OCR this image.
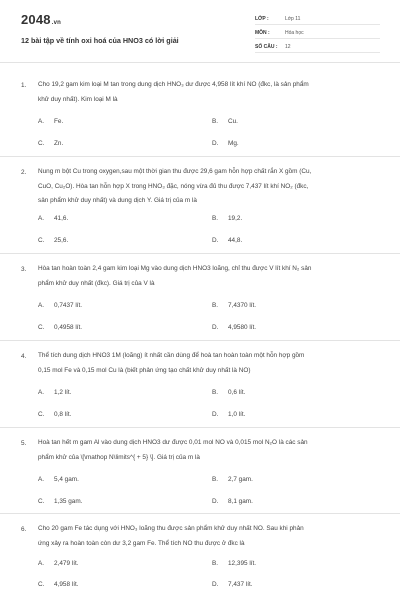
2048.vn
12 bài tập về tính oxi hoá của HNO3 có lời giải
LỚP :	Lớp 11
MÔN :	Hóa học
SỐ CÂU : 12
1. Cho 19,2 gam kim loại M tan trong dung dịch HNO₃ dư được 4,958 lít khí NO (đkc, là sản phẩm
khử duy nhất). Kim loại M là
A. Fe.	B. Cu.
C. Zn.	D. Mg.
2. Nung m bột Cu trong oxygen,sau một thời gian thu được 29,6 gam hỗn hợp chất rắn X gồm (Cu,
CuO, Cu₂O). Hòa tan hỗn hợp X trong HNO₃ đặc, nóng vừa đủ thu được 7,437 lít khí NO₂ (đkc,
sản phẩm khử duy nhất) và dung dịch Y. Giá trị của m là
A. 41,6.	B. 19,2.
C. 25,6.	D. 44,8.
3. Hòa tan hoàn toàn 2,4 gam kim loại Mg vào dung dịch HNO3 loãng, chỉ thu được V lít khí N₂ sản
phẩm khử duy nhất (đkc). Giá trị của V là
A. 0,7437 lít.	B. 7,4370 lít.
C. 0,4958 lít.	D. 4,9580 lít.
4. Thể tích dung dịch HNO3 1M (loãng) ít nhất cần dùng để hoà tan hoàn toàn một hỗn hợp gồm
0,15 mol Fe và 0,15 mol Cu là (biết phản ứng tạo chất khử duy nhất là NO)
A. 1,2 lít.	B. 0,6 lít.
C. 0,8 lít.	D. 1,0 lít.
5. Hoà tan hết m gam Al vào dung dịch HNO3 dư được 0,01 mol NO và 0,015 mol N₂O là các sản
phẩm khử của \[\mathop N\limits^{ + 5} \]. Giá trị của m là
A. 5,4 gam.	B. 2,7 gam.
C. 1,35 gam.	D. 8,1 gam.
6. Cho 20 gam Fe tác dụng với HNO₃ loãng thu được sản phẩm khử duy nhất NO. Sau khi phản
ứng xảy ra hoàn toàn còn dư 3,2 gam Fe. Thể tích NO thu được ở đkc là
A. 2,479 lít.	B. 12,395 lít.
C. 4,958 lít.	D. 7,437 lít.
